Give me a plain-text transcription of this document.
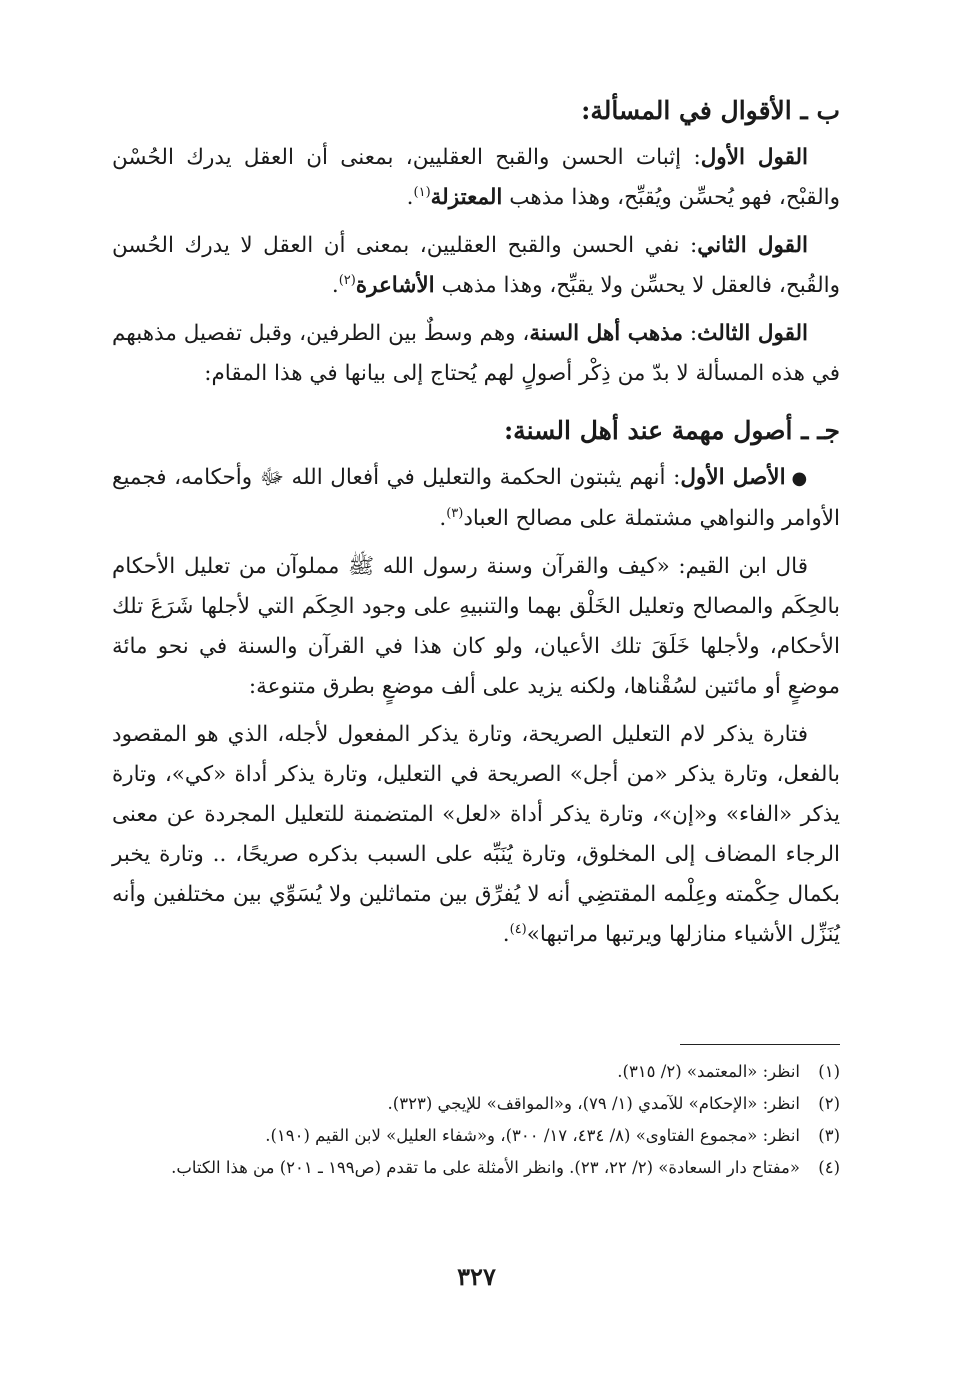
ب ـ الأقوال في المسألة:

القول الأول: إثبات الحسن والقبح العقليين، بمعنى أن العقل يدرك الحُسْن والقبْح، فهو يُحسِّن ويُقبِّح، وهذا مذهب المعتزلة$^{(١)}$.

القول الثاني: نفي الحسن والقبح العقليين، بمعنى أن العقل لا يدرك الحُسن والقُبح، فالعقل لا يحسِّن ولا يقبِّح، وهذا مذهب الأشاعرة$^{(٢)}$.

القول الثالث: مذهب أهل السنة، وهم وسطٌ بين الطرفين، وقبل تفصيل مذهبهم في هذه المسألة لا بدّ من ذِكْر أصولٍ لهم يُحتاج إلى بيانها في هذا المقام:

جـ ـ أصول مهمة عند أهل السنة:

●الأصل الأول: أنهم يثبتون الحكمة والتعليل في أفعال الله ﷻ وأحكامه، فجميع الأوامر والنواهي مشتملة على مصالح العباد$^{(٣)}$.

قال ابن القيم: «كيف والقرآن وسنة رسول الله ﷺ مملوآن من تعليل الأحكام بالحِكَم والمصالح وتعليل الخَلْق بهما والتنبيهِ على وجود الحِكَم التي لأجلها شَرَعَ تلك الأحكام، ولأجلها خَلَقَ تلك الأعيان، ولو كان هذا في القرآن والسنة في نحو مائة موضعٍ أو مائتين لسُقْناها، ولكنه يزيد على ألف موضعٍ بطرق متنوعة:

فتارة يذكر لام التعليل الصريحة، وتارة يذكر المفعول لأجله، الذي هو المقصود بالفعل، وتارة يذكر «من أجل» الصريحة في التعليل، وتارة يذكر أداة «كي»، وتارة يذكر «الفاء» و«إن»، وتارة يذكر أداة «لعل» المتضمنة للتعليل المجردة عن معنى الرجاء المضاف إلى المخلوق، وتارة يُنَبِّه على السبب بذكره صريحًا، .. وتارة يخبر بكمال حِكْمته وعِلْمه المقتضِي أنه لا يُفرِّق بين متماثلين ولا يُسَوِّي بين مختلفين وأنه يُنَزِّل الأشياء منازلها ويرتبها مراتبها»$^{(٤)}$.

(١)
انظر: «المعتمد» (٢/ ٣١٥).
(٢)
انظر: «الإحكام» للآمدي (١/ ٧٩)، و«المواقف» للإيجي (٣٢٣).
(٣)
انظر: «مجموع الفتاوى» (٨/ ٤٣٤، ١٧/ ٣٠٠)، و«شفاء العليل» لابن القيم (١٩٠).
(٤)
«مفتاح دار السعادة» (٢/ ٢٢، ٢٣). وانظر الأمثلة على ما تقدم (ص١٩٩ ـ ٢٠١) من هذا الكتاب.
٣٢٧
